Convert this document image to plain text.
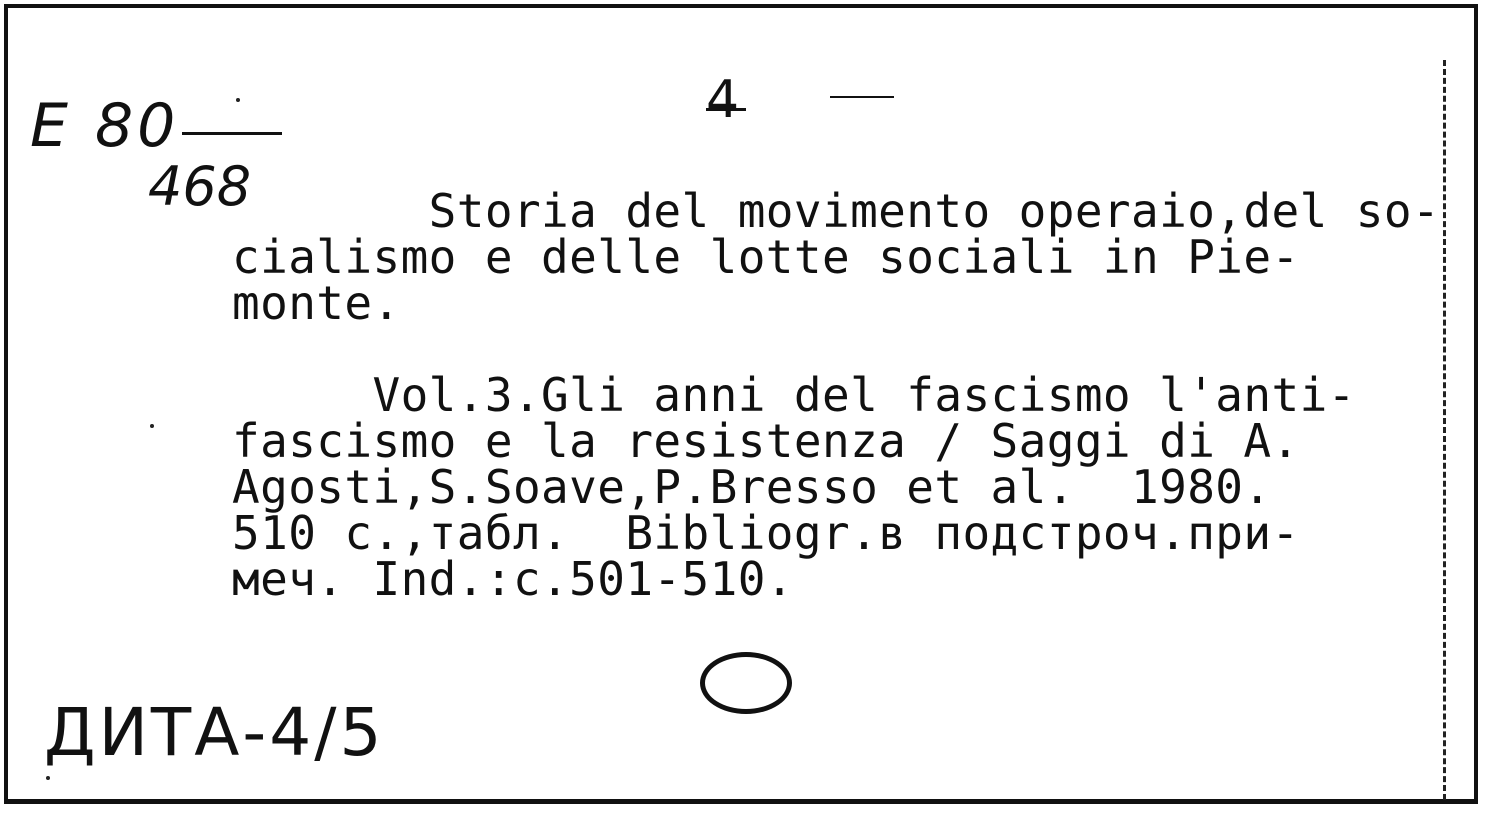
E 80
468
4
Storia del movimento operaio,del so-
cialismo e delle lotte sociali in Pie-
monte.
Vol.3.Gli anni del fascismo l'anti-
fascismo e la resistenza / Saggi di A.
Agosti,S.Soave,P.Bresso et al.  1980.
510 c.,табл.  Bibliogr.в подстроч.при-
меч. Ind.:c.501-510.
ДИТА-4/5
